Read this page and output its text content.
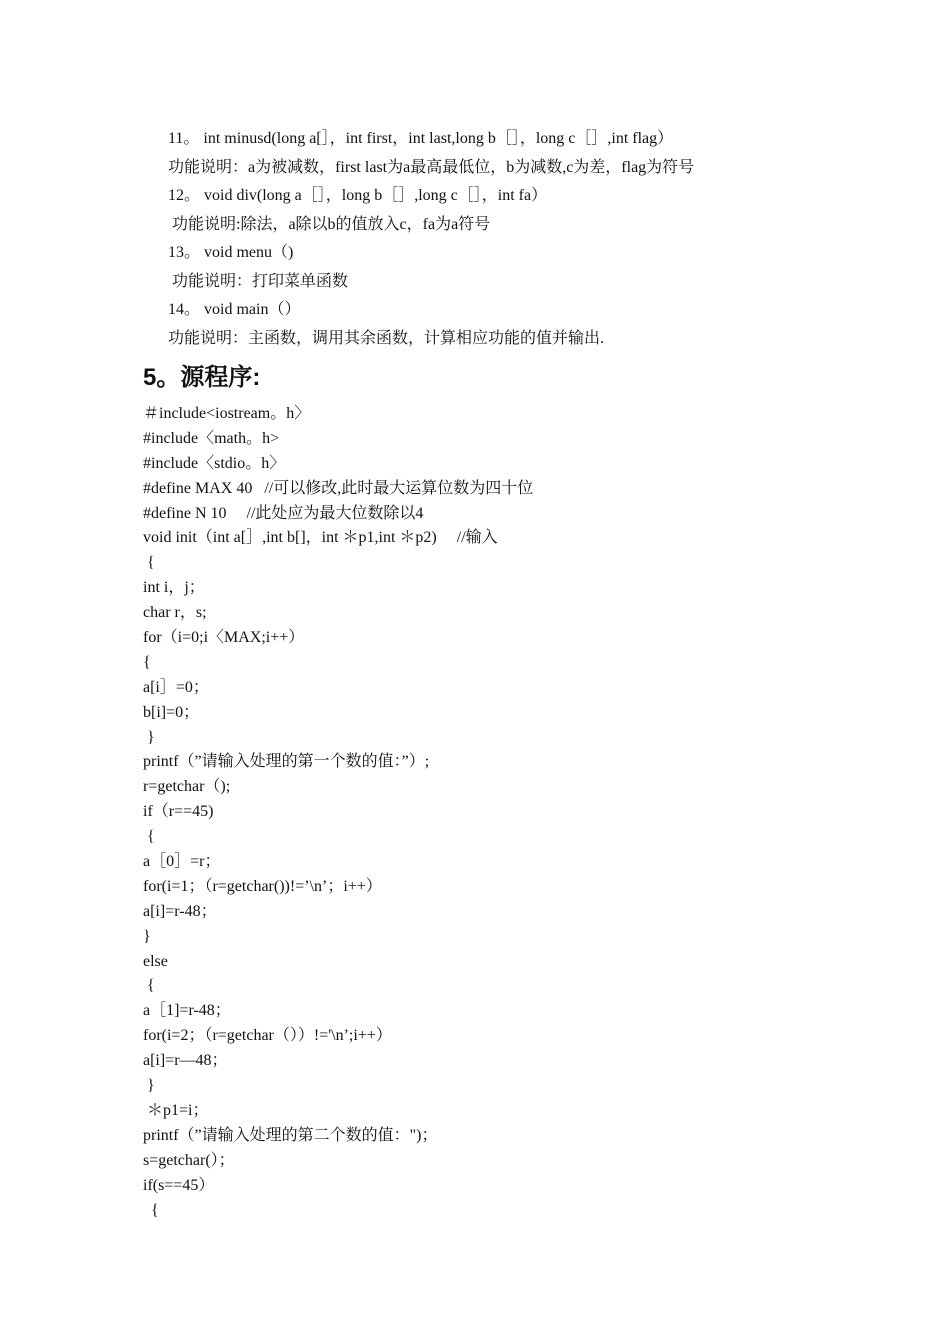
11。 int minusd(long a[］，int first，int last,long b［］，long c［］,int flag）
功能说明：a为被减数，first last为a最高最低位，b为减数,c为差，flag为符号
12。 void div(long a［］，long b［］,long c［］，int fa）
功能说明:除法，a除以b的值放入c，fa为a符号
13。 void menu（)
功能说明：打印菜单函数
14。 void main（）
功能说明：主函数，调用其余函数，计算相应功能的值并输出.
5。源程序:
＃include<iostream。h〉
#include〈math。h>
#include〈stdio。h〉
#define MAX 40   //可以修改,此时最大运算位数为四十位
#define N 10     //此处应为最大位数除以4
void init（int a[］,int b[]，int ＊p1,int ＊p2)     //输入
{
int i，j；
char r，s;
for（i=0;i〈MAX;i++）
{
a[i］=0；
b[i]=0；
}
printf（”请输入处理的第一个数的值：”）;
r=getchar（);
if（r==45)
{
a［0］=r；
for(i=1；（r=getchar())!=’\n’；i++）
a[i]=r-48；
}
else
{
a［1]=r-48；
for(i=2；（r=getchar（））!='\n’;i++）
a[i]=r—48；
}
＊p1=i；
printf（”请输入处理的第二个数的值：")；
s=getchar(）；
if(s==45）
{
